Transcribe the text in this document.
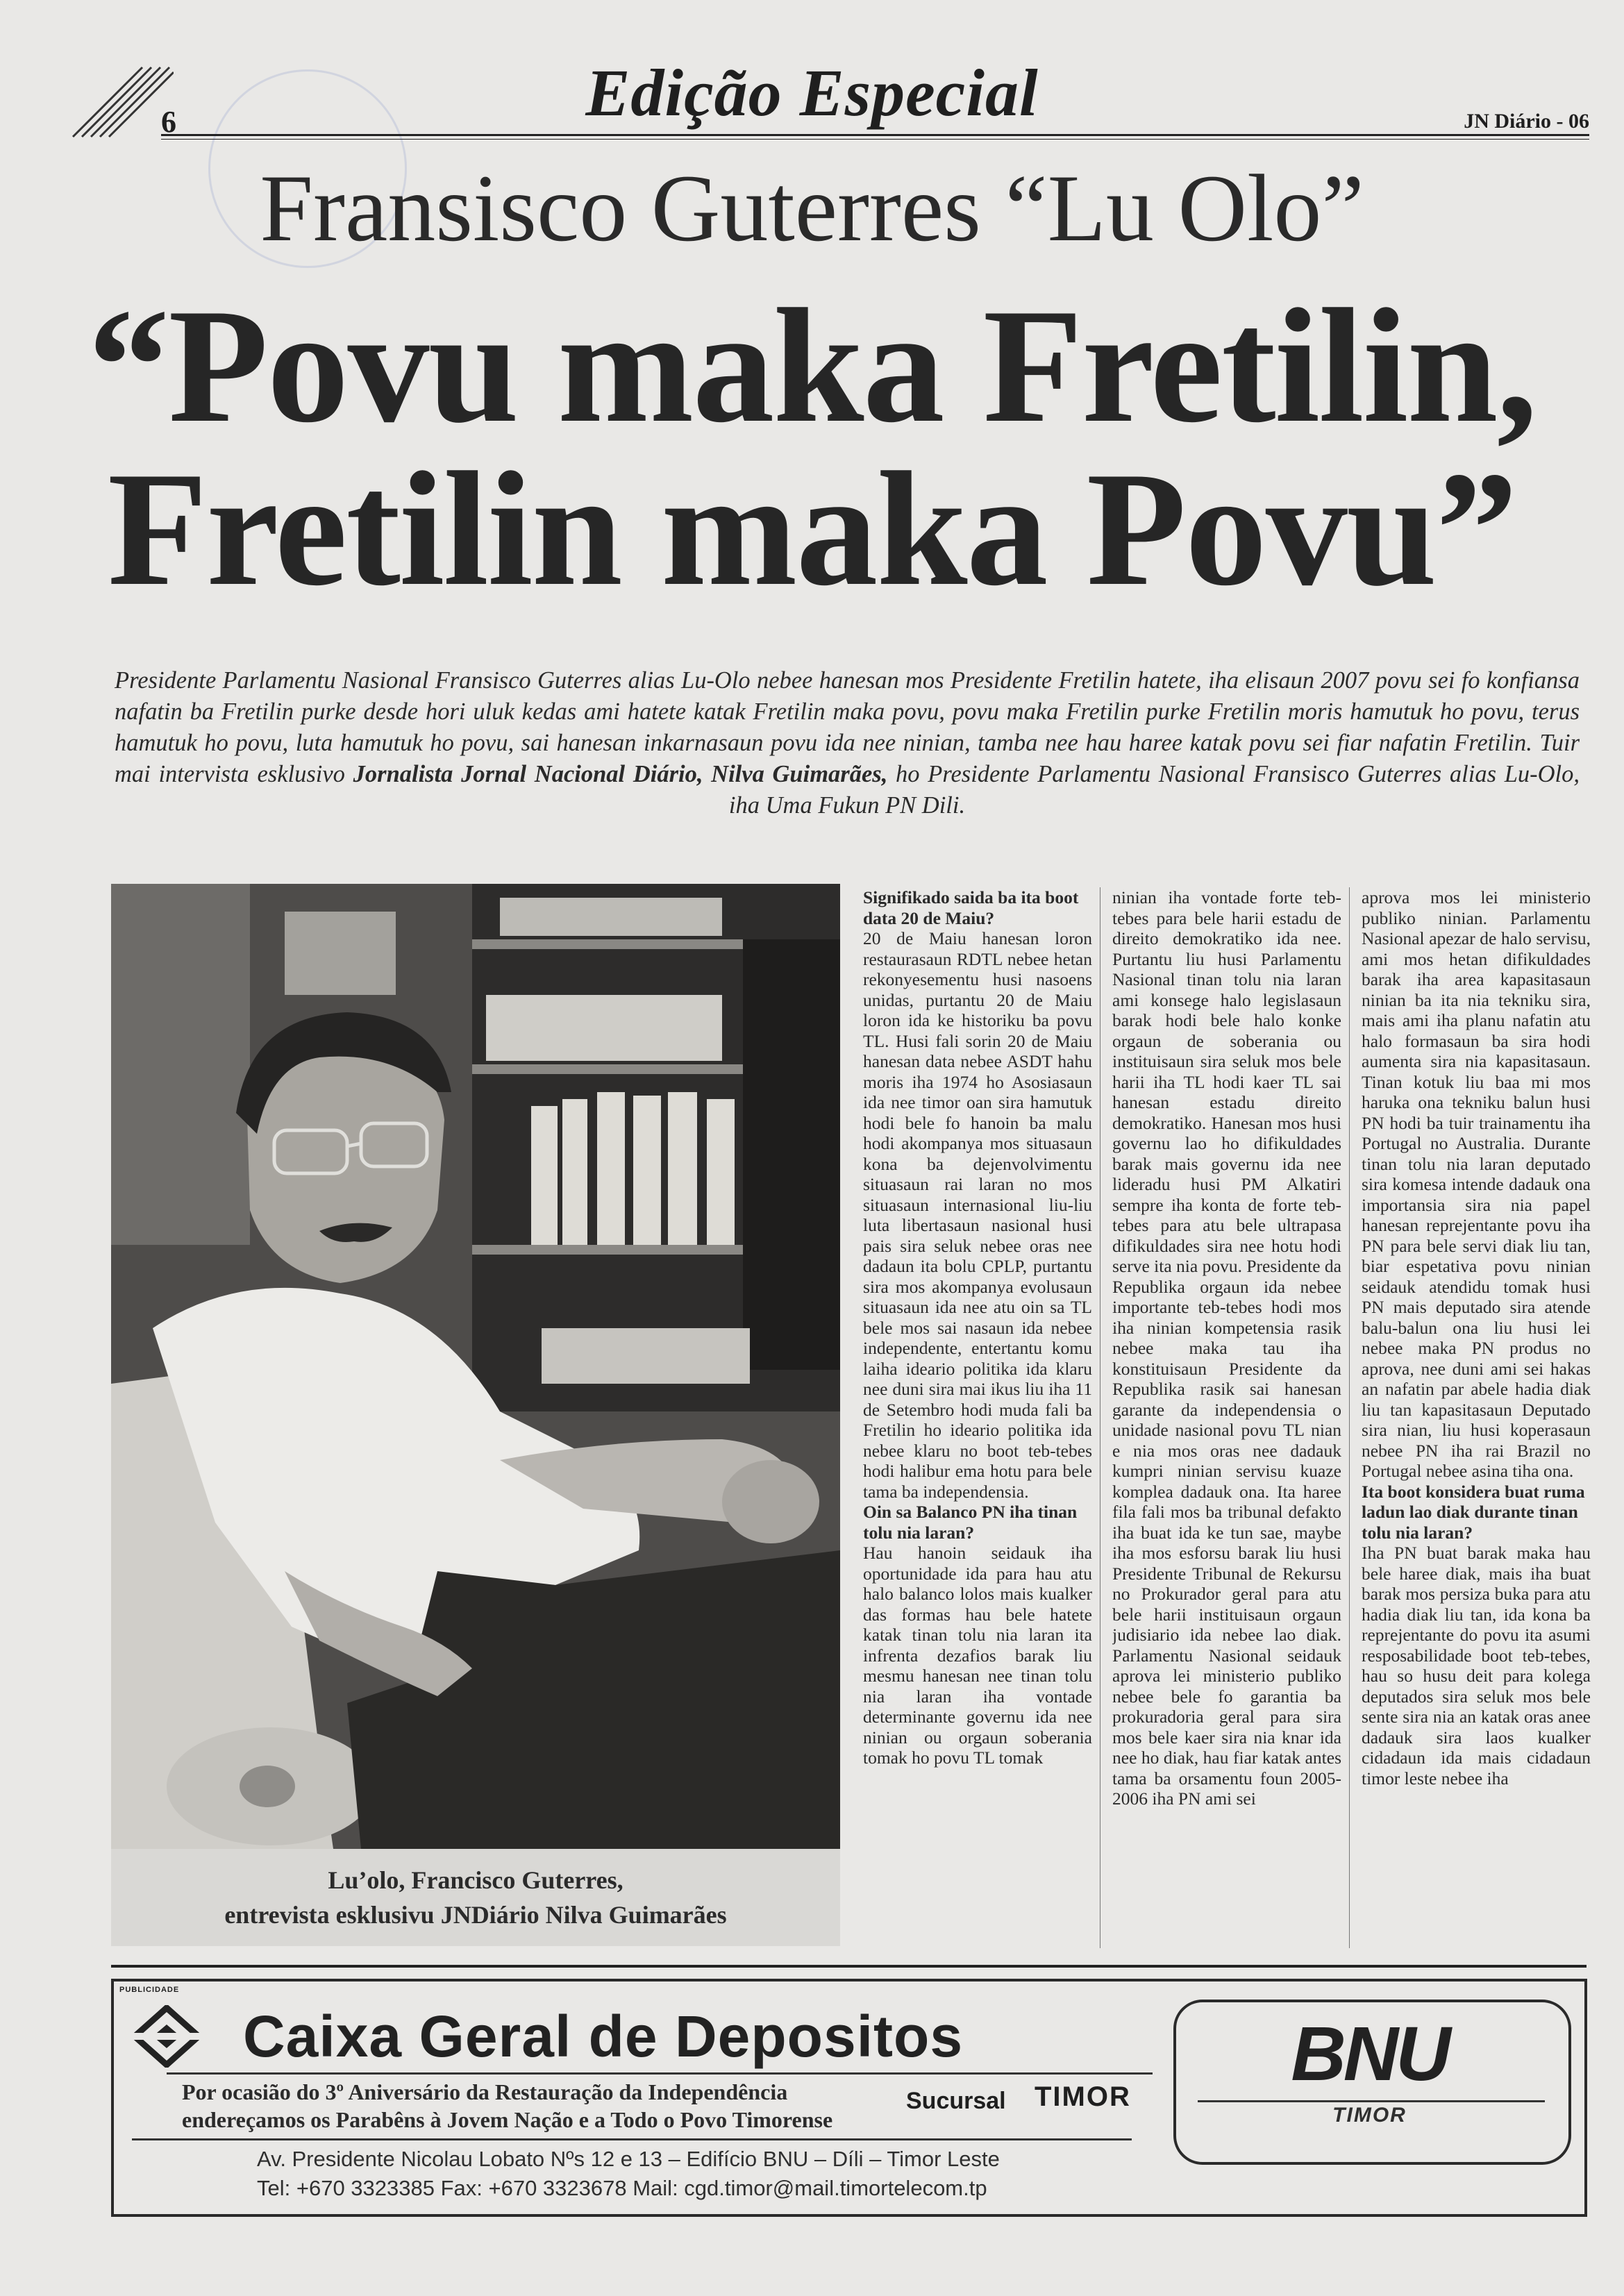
6	Edição Especial	JN Diário - 06
Fransisco Guterres “Lu Olo”
“Povu maka Fretilin,
Fretilin maka Povu”
Presidente Parlamentu Nasional Fransisco Guterres alias Lu-Olo nebee hanesan mos Presidente Fretilin hatete, iha elisaun 2007 povu sei fo konfiansa nafatin ba Fretilin purke desde hori uluk kedas ami hatete katak Fretilin maka povu, povu maka Fretilin purke Fretilin moris hamutuk ho povu, terus hamutuk ho povu, luta hamutuk ho povu, sai hanesan inkarnasaun povu ida nee ninian, tamba nee hau haree katak povu sei fiar nafatin Fretilin. Tuir mai intervista esklusivo Jornalista Jornal Nacional Diário, Nilva Guimarães, ho Presidente Parlamentu Nasional Fransisco Guterres alias Lu-Olo, iha Uma Fukun PN Dili.
Lu’olo, Francisco Guterres,
entrevista esklusivu JNDiário Nilva Guimarães

Signifikado saida ba ita boot data 20 de Maiu?

20 de Maiu hanesan loron restaurasaun RDTL nebee hetan rekonyesementu husi nasoens unidas, purtantu 20 de Maiu loron ida ke historiku ba povu TL. Husi fali sorin 20 de Maiu hanesan data nebee ASDT hahu moris iha 1974 ho Asosiasaun ida nee timor oan sira hamutuk hodi bele fo hanoin ba malu hodi akompanya mos situasaun kona ba dejenvolvimentu situasaun rai laran no mos situasaun internasional liu-liu luta libertasaun nasional husi pais sira seluk nebee oras nee dadaun ita bolu CPLP, purtantu sira mos akompanya evolusaun situasaun ida nee atu oin sa TL bele mos sai nasaun ida nebee independente, entertantu komu laiha ideario politika ida klaru nee duni sira mai ikus liu iha 11 de Setembro hodi muda fali ba Fretilin ho ideario politika ida nebee klaru no boot teb-tebes hodi halibur ema hotu para bele tama ba independensia.

Oin sa Balanco PN iha tinan tolu nia laran?

Hau hanoin seidauk iha oportunidade ida para hau atu halo balanco lolos mais kualker das formas hau bele hatete katak tinan tolu nia laran ita infrenta dezafios barak liu mesmu hanesan nee tinan tolu nia laran iha vontade determinante governu ida nee ninian ou orgaun soberania tomak ho povu TL tomak

ninian iha vontade forte teb-tebes para bele harii estadu de direito demokratiko ida nee. Purtantu liu husi Parlamentu Nasional tinan tolu nia laran ami konsege halo legislasaun barak hodi bele halo konke orgaun de soberania ou instituisaun sira seluk mos bele harii iha TL hodi kaer TL sai hanesan estadu direito demokratiko. Hanesan mos husi governu lao ho difikuldades barak mais governu ida nee lideradu husi PM Alkatiri sempre iha konta de forte teb-tebes para atu bele ultrapasa difikuldades sira nee hotu hodi serve ita nia povu. Presidente da Republika orgaun ida nebee importante teb-tebes hodi mos iha ninian kompetensia rasik nebee maka tau iha konstituisaun Presidente da Republika rasik sai hanesan garante da independensia o unidade nasional povu TL nian e nia mos oras nee dadauk kumpri ninian servisu kuaze komplea dadauk ona. Ita haree fila fali mos ba tribunal defakto iha buat ida ke tun sae, maybe iha mos esforsu barak liu husi Presidente Tribunal de Rekursu no Prokurador geral para atu bele harii instituisaun orgaun judisiario ida nebee lao diak. Parlamentu Nasional seidauk aprova lei ministerio publiko nebee bele fo garantia ba prokuradoria geral para sira mos bele kaer sira nia knar ida nee ho diak, hau fiar katak antes tama ba orsamentu foun 2005-2006 iha PN ami sei

aprova mos lei ministerio publiko ninian. Parlamentu Nasional apezar de halo servisu, ami mos hetan difikuldades barak iha area kapasitasaun ninian ba ita nia tekniku sira, mais ami iha planu nafatin atu halo formasaun ba sira hodi aumenta sira nia kapasitasaun. Tinan kotuk liu baa mi mos haruka ona tekniku balun husi PN hodi ba tuir trainamentu iha Portugal no Australia. Durante tinan tolu nia laran deputado sira komesa intende dadauk ona importansia sira nia papel hanesan reprejentante povu iha PN para bele servi diak liu tan, biar espetativa povu ninian seidauk atendidu tomak husi PN mais deputado sira atende balu-balun ona liu husi lei nebee maka PN produs no aprova, nee duni ami sei hakas an nafatin par abele hadia diak liu tan kapasitasaun Deputado sira nian, liu husi koperasaun nebee PN iha rai Brazil no Portugal nebee asina tiha ona.

Ita boot konsidera buat ruma ladun lao diak durante tinan tolu nia laran?

Iha PN buat barak maka hau bele haree diak, mais iha buat barak mos persiza buka para atu hadia diak liu tan, ida kona ba reprejentante do povu ita asumi resposabilidade boot teb-tebes, hau so husu deit para kolega deputados sira seluk mos bele sente sira nia an katak oras anee dadauk sira laos kualker cidadaun ida mais cidadaun timor leste nebee iha

PUBLICIDADE
Caixa Geral de Depositos
Por ocasião do 3º Aniversário da Restauração da Independência
endereçamos os Parabêns à Jovem Nação e a Todo o Povo Timorense
Sucursal TIMOR
Av. Presidente Nicolau Lobato Nºs 12 e 13 – Edifício BNU – Díli – Timor Leste
Tel: +670 3323385 Fax: +670 3323678 Mail: cgd.timor@mail.timortelecom.tp
BNU
TIMOR
